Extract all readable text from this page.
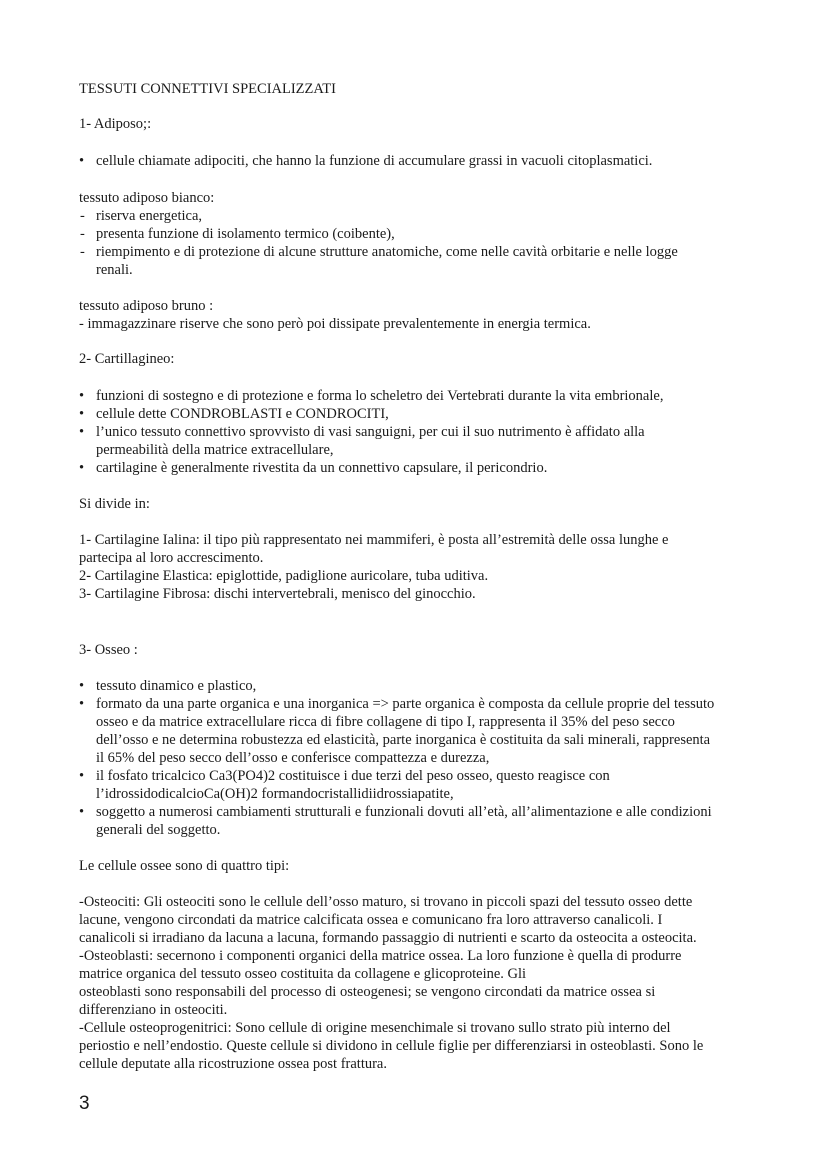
TESSUTI CONNETTIVI SPECIALIZZATI
1- Adiposo;:
• cellule chiamate adipociti, che hanno la funzione di accumulare grassi in vacuoli citoplasmatici.
tessuto adiposo bianco:
- riserva energetica,
- presenta funzione di isolamento termico (coibente),
- riempimento e di protezione di alcune strutture anatomiche, come nelle cavità orbitarie e nelle logge
renali.
tessuto adiposo bruno :
- immagazzinare riserve che sono però poi dissipate prevalentemente in energia termica.
2- Cartillagineo:
• funzioni di sostegno e di protezione e forma lo scheletro dei Vertebrati durante la vita embrionale,
• cellule dette CONDROBLASTI e CONDROCITI,
• l’unico tessuto connettivo sprovvisto di vasi sanguigni, per cui il suo nutrimento è affidato alla
permeabilità della matrice extracellulare,
• cartilagine è generalmente rivestita da un connettivo capsulare, il pericondrio.
Si divide in:
1- Cartilagine Ialina: il tipo più rappresentato nei mammiferi, è posta all’estremità delle ossa lunghe e
partecipa al loro accrescimento.
2- Cartilagine Elastica: epiglottide, padiglione auricolare, tuba uditiva.
3- Cartilagine Fibrosa: dischi intervertebrali, menisco del ginocchio.
3- Osseo :
• tessuto dinamico e plastico,
• formato da una parte organica e una inorganica => parte organica è composta da cellule proprie del tessuto
osseo e da matrice extracellulare ricca di fibre collagene di tipo I, rappresenta il 35% del peso secco
dell’osso e ne determina robustezza ed elasticità, parte inorganica è costituita da sali minerali, rappresenta
il 65% del peso secco dell’osso e conferisce compattezza e durezza,
• il fosfato tricalcico Ca3(PO4)2 costituisce i due terzi del peso osseo, questo reagisce con
l’idrossidodicalcioCa(OH)2 formandocristallidiidrossiapatite,
• soggetto a numerosi cambiamenti strutturali e funzionali dovuti all’età, all’alimentazione e alle condizioni
generali del soggetto.
Le cellule ossee sono di quattro tipi:
-Osteociti: Gli osteociti sono le cellule dell’osso maturo, si trovano in piccoli spazi del tessuto osseo dette
lacune, vengono circondati da matrice calcificata ossea e comunicano fra loro attraverso canalicoli. I
canalicoli si irradiano da lacuna a lacuna, formando passaggio di nutrienti e scarto da osteocita a osteocita.
-Osteoblasti: secernono i componenti organici della matrice ossea. La loro funzione è quella di produrre
matrice organica del tessuto osseo costituita da collagene e glicoproteine. Gli
osteoblasti sono responsabili del processo di osteogenesi; se vengono circondati da matrice ossea si
differenziano in osteociti.
-Cellule osteoprogenitrici: Sono cellule di origine mesenchimale si trovano sullo strato più interno del
periostio e nell’endostio. Queste cellule si dividono in cellule figlie per differenziarsi in osteoblasti. Sono le
cellule deputate alla ricostruzione ossea post frattura.
3
